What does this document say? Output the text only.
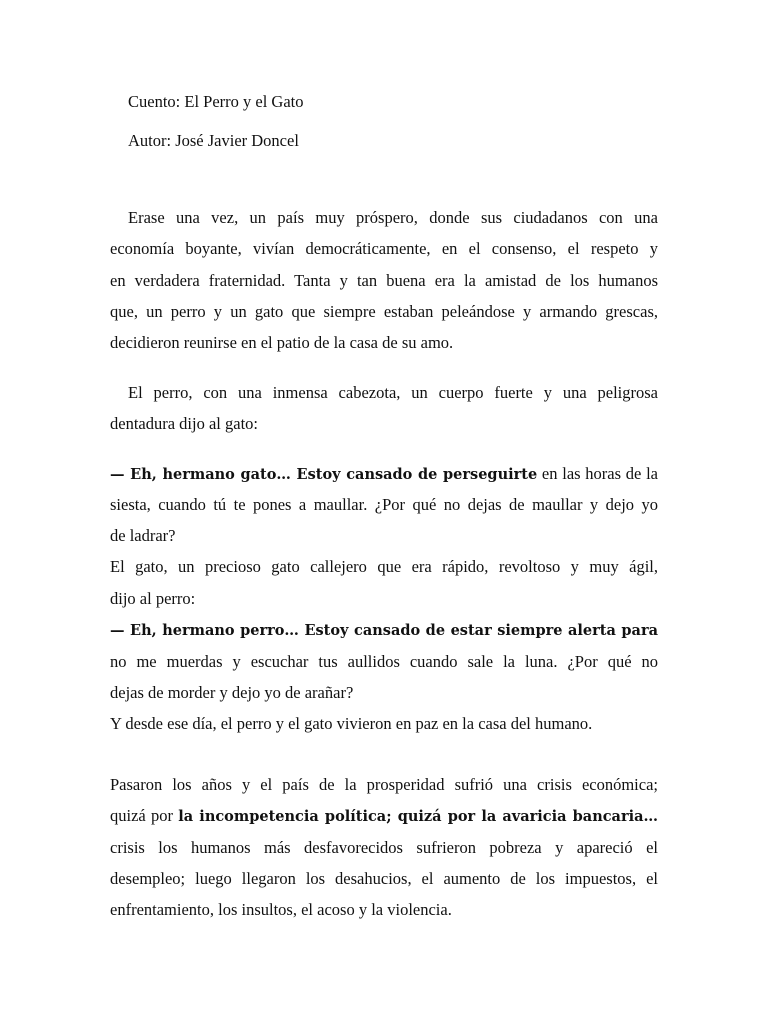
Cuento: El Perro y el Gato

Autor: José Javier Doncel

Erase una vez, un país muy próspero, donde sus ciudadanos con una

economía boyante, vivían democráticamente, en el consenso, el respeto y

en verdadera fraternidad. Tanta y tan buena era la amistad de los humanos

que, un perro y un gato que siempre estaban peleándose y armando grescas,

decidieron reunirse en el patio de la casa de su amo.

El perro, con una inmensa cabezota, un cuerpo fuerte y una peligrosa

dentadura dijo al gato:

— Eh, hermano gato… Estoy cansado de perseguirte en las horas de la

siesta, cuando tú te pones a maullar. ¿Por qué no dejas de maullar y dejo yo

de ladrar?

El gato, un precioso gato callejero que era rápido, revoltoso y muy ágil,

dijo al perro:

— Eh, hermano perro… Estoy cansado de estar siempre alerta para

no me muerdas y escuchar tus aullidos cuando sale la luna. ¿Por qué no

dejas de morder y dejo yo de arañar?

Y desde ese día, el perro y el gato vivieron en paz en la casa del humano.

Pasaron los años y el país de la prosperidad sufrió una crisis económica;

quizá por la incompetencia política; quizá por la avaricia bancaria…

crisis los humanos más desfavorecidos sufrieron pobreza y apareció el

desempleo; luego llegaron los desahucios, el aumento de los impuestos, el

enfrentamiento, los insultos, el acoso y la violencia.
